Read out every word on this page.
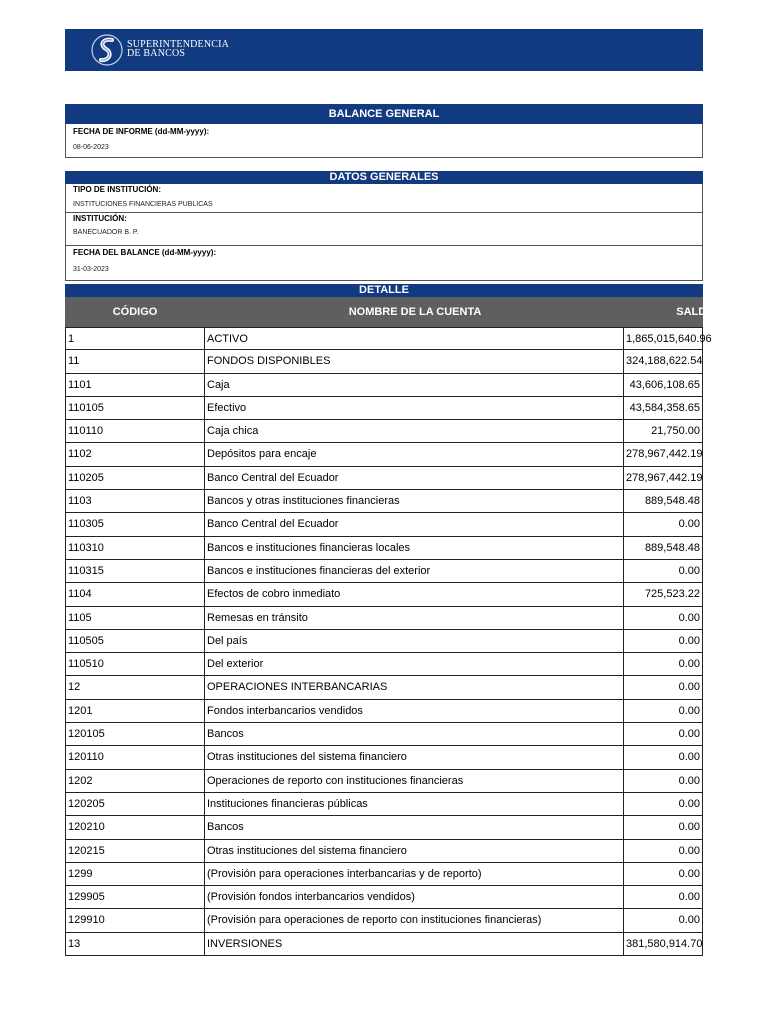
SUPERINTENDENCIA
DE BANCOS
BALANCE GENERAL
FECHA DE INFORME (dd-MM-yyyy):
08-06-2023
DATOS GENERALES
TIPO DE INSTITUCIÓN:
INSTITUCIONES FINANCIERAS PUBLICAS
INSTITUCIÓN:
BANECUADOR B. P.
FECHA DEL BALANCE (dd-MM-yyyy):
31-03-2023
DETALLE
CÓDIGO	NOMBRE DE LA CUENTA	SALDO
1	ACTIVO	1,865,015,640.96
11	FONDOS DISPONIBLES	324,188,622.54
1101	Caja	43,606,108.65
110105	Efectivo	43,584,358.65
110110	Caja chica	21,750.00
1102	Depósitos para encaje	278,967,442.19
110205	Banco Central del Ecuador	278,967,442.19
1103	Bancos y otras instituciones financieras	889,548.48
110305	Banco Central del Ecuador	0.00
110310	Bancos e instituciones financieras locales	889,548.48
110315	Bancos e instituciones financieras del exterior	0.00
1104	Efectos de cobro inmediato	725,523.22
1105	Remesas en tránsito	0.00
110505	Del país	0.00
110510	Del exterior	0.00
12	OPERACIONES INTERBANCARIAS	0.00
1201	Fondos interbancarios vendidos	0.00
120105	Bancos	0.00
120110	Otras instituciones del sistema financiero	0.00
1202	Operaciones de reporto con instituciones financieras	0.00
120205	Instituciones financieras públicas	0.00
120210	Bancos	0.00
120215	Otras instituciones del sistema financiero	0.00
1299	(Provisión para operaciones interbancarias y de reporto)	0.00
129905	(Provisión fondos interbancarios vendidos)	0.00
129910	(Provisión para operaciones de reporto con instituciones financieras)	0.00
13	INVERSIONES	381,580,914.70
